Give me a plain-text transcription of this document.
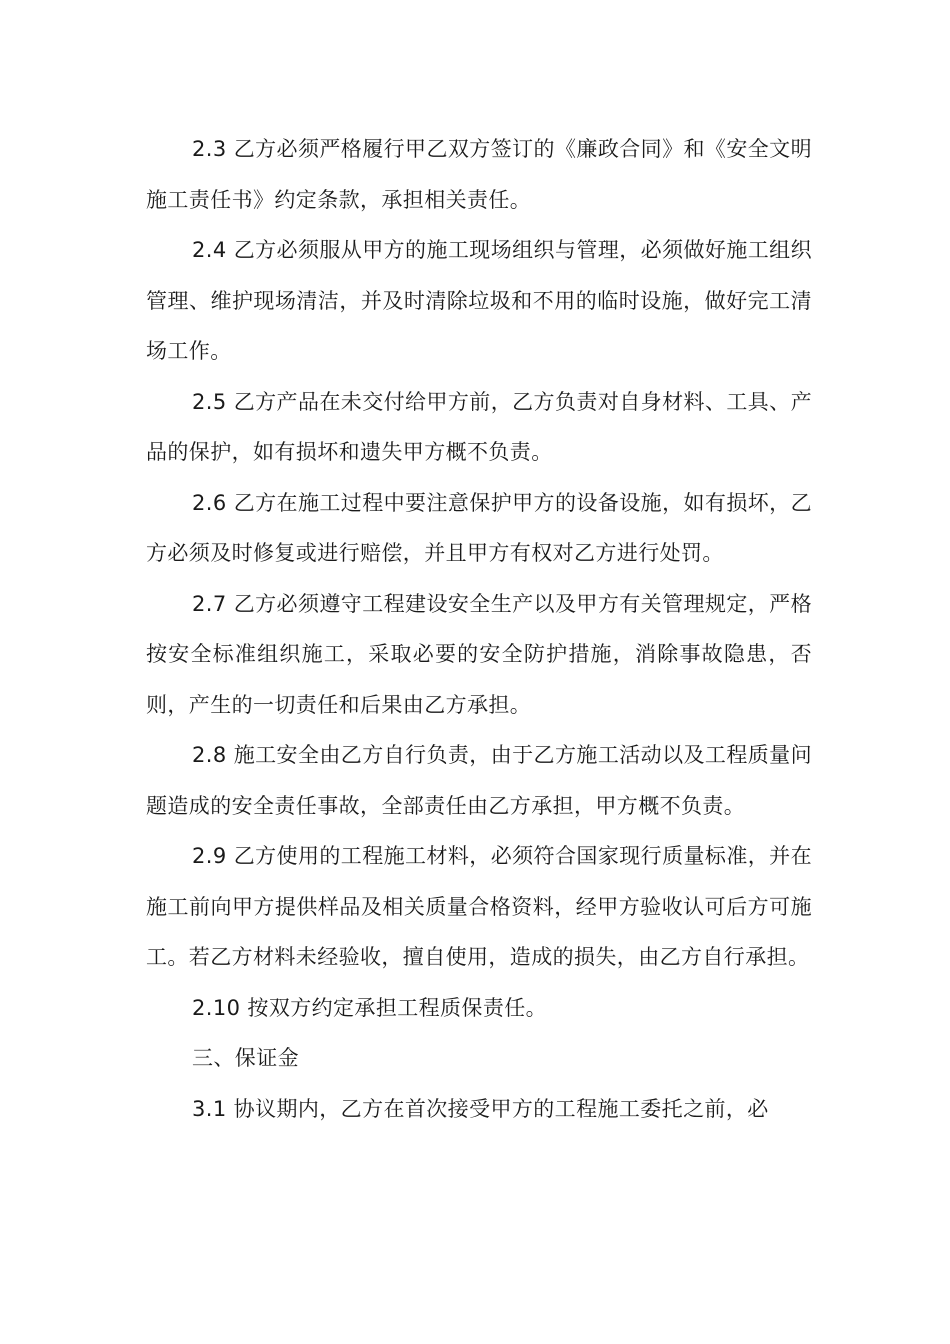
2.3 乙方必须严格履行甲乙双方签订的《廉政合同》和《安全文明施工责任书》约定条款，承担相关责任。

2.4 乙方必须服从甲方的施工现场组织与管理，必须做好施工组织管理、维护现场清洁，并及时清除垃圾和不用的临时设施，做好完工清场工作。

2.5 乙方产品在未交付给甲方前，乙方负责对自身材料、工具、产品的保护，如有损坏和遗失甲方概不负责。

2.6 乙方在施工过程中要注意保护甲方的设备设施，如有损坏，乙方必须及时修复或进行赔偿，并且甲方有权对乙方进行处罚。

2.7 乙方必须遵守工程建设安全生产以及甲方有关管理规定，严格按安全标准组织施工，采取必要的安全防护措施，消除事故隐患，否则，产生的一切责任和后果由乙方承担。

2.8 施工安全由乙方自行负责，由于乙方施工活动以及工程质量问题造成的安全责任事故，全部责任由乙方承担，甲方概不负责。

2.9 乙方使用的工程施工材料，必须符合国家现行质量标准，并在施工前向甲方提供样品及相关质量合格资料，经甲方验收认可后方可施工。若乙方材料未经验收，擅自使用，造成的损失，由乙方自行承担。

2.10 按双方约定承担工程质保责任。

三、保证金

3.1 协议期内，乙方在首次接受甲方的工程施工委托之前，必
